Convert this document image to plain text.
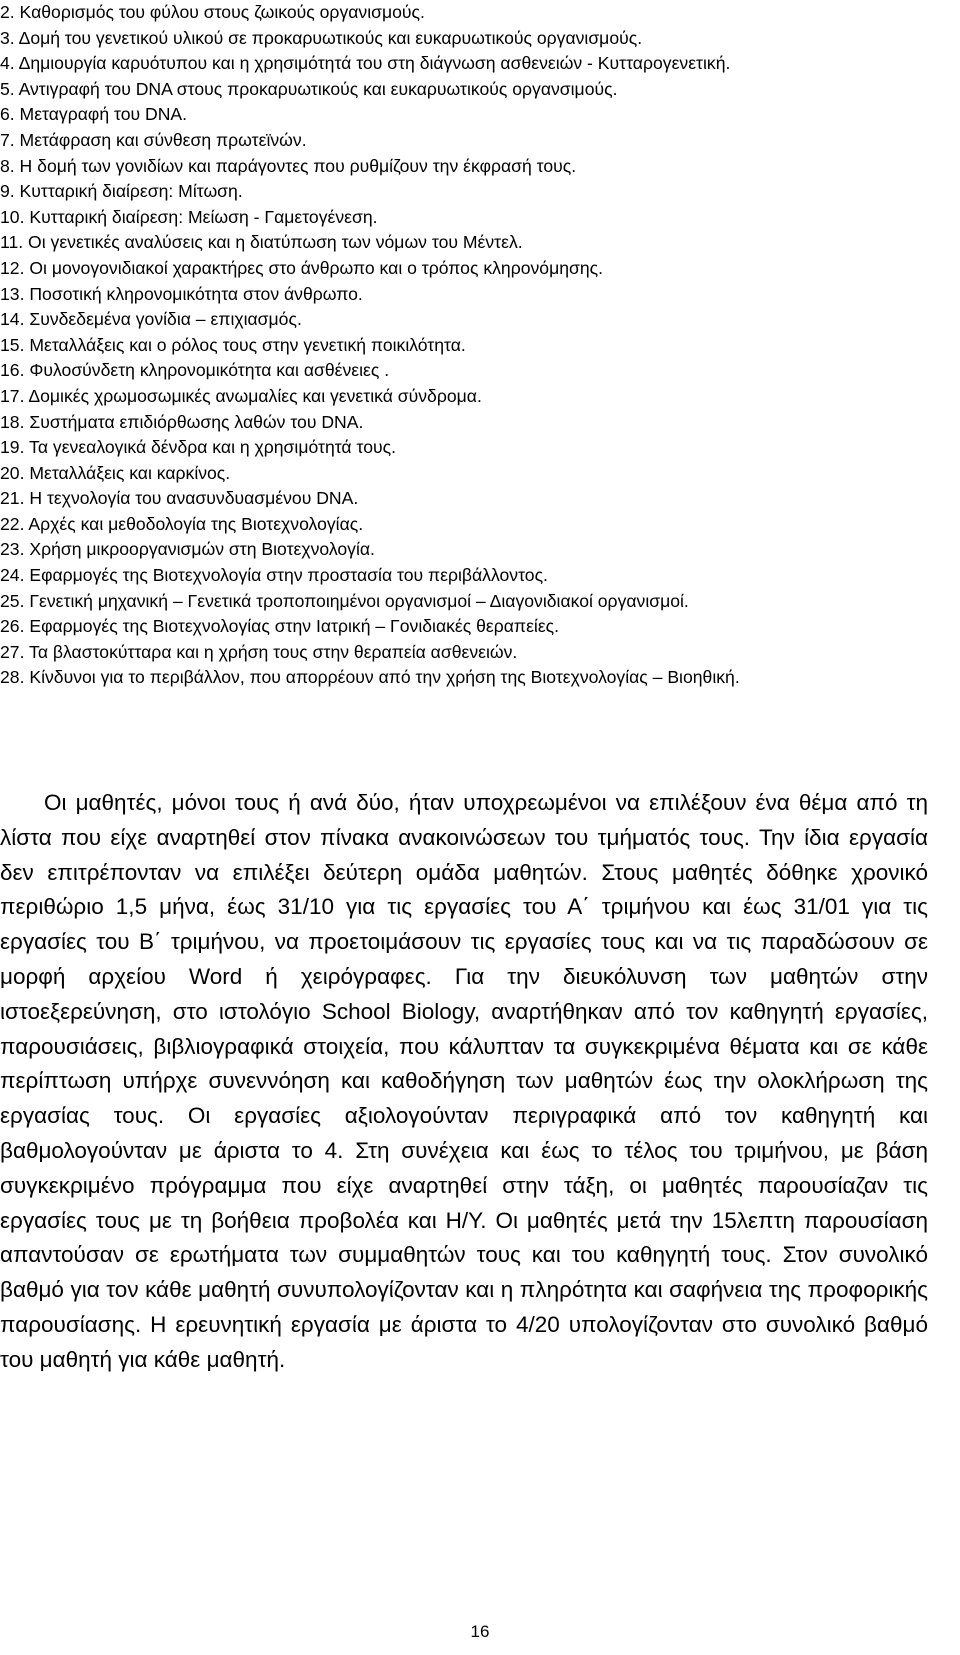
2. Καθορισμός του φύλου στους ζωικούς οργανισμούς.
3. Δομή του γενετικού υλικού σε προκαρυωτικούς και ευκαρυωτικούς οργανισμούς.
4. Δημιουργία καρυότυπου και η χρησιμότητά του στη διάγνωση ασθενειών - Κυτταρογενετική.
5. Αντιγραφή του DNA στους προκαρυωτικούς και ευκαρυωτικούς οργανσιμούς.
6. Μεταγραφή του DNA.
7. Μετάφραση και σύνθεση πρωτεϊνών.
8. Η δομή των γονιδίων και παράγοντες που ρυθμίζουν την έκφρασή τους.
9. Κυτταρική διαίρεση: Μίτωση.
10. Κυτταρική διαίρεση: Μείωση - Γαμετογένεση.
11. Οι γενετικές αναλύσεις και η διατύπωση των νόμων του Μέντελ.
12. Οι μονογονιδιακοί χαρακτήρες στο άνθρωπο και ο τρόπος κληρονόμησης.
13. Ποσοτική κληρονομικότητα στον άνθρωπο.
14. Συνδεδεμένα γονίδια – επιχιασμός.
15. Μεταλλάξεις και ο ρόλος τους στην γενετική ποικιλότητα.
16. Φυλοσύνδετη κληρονομικότητα και ασθένειες .
17. Δομικές χρωμοσωμικές ανωμαλίες και γενετικά σύνδρομα.
18. Συστήματα επιδιόρθωσης λαθών του DNA.
19. Τα γενεαλογικά δένδρα και η χρησιμότητά τους.
20. Μεταλλάξεις και καρκίνος.
21. Η τεχνολογία του ανασυνδυασμένου DNA.
22. Αρχές και μεθοδολογία της Βιοτεχνολογίας.
23. Χρήση μικροοργανισμών στη Βιοτεχνολογία.
24. Εφαρμογές της Βιοτεχνολογία στην προστασία του περιβάλλοντος.
25. Γενετική μηχανική – Γενετικά τροποποιημένοι οργανισμοί – Διαγονιδιακοί οργανισμοί.
26. Εφαρμογές της Βιοτεχνολογίας στην Ιατρική – Γονιδιακές θεραπείες.
27. Τα βλαστοκύτταρα και η χρήση τους στην θεραπεία ασθενειών.
28. Κίνδυνοι για το περιβάλλον, που απορρέουν από την χρήση της Βιοτεχνολογίας – Βιοηθική.

Οι μαθητές, μόνοι τους ή ανά δύο, ήταν υποχρεωμένοι να επιλέξουν ένα θέμα από τη λίστα που είχε αναρτηθεί στον πίνακα ανακοινώσεων του τμήματός τους. Την ίδια εργασία δεν επιτρέπονταν να επιλέξει δεύτερη ομάδα μαθητών. Στους μαθητές δόθηκε χρονικό περιθώριο 1,5 μήνα, έως 31/10 για τις εργασίες του Α΄ τριμήνου και έως 31/01 για τις εργασίες του Β΄ τριμήνου, να προετοιμάσουν τις εργασίες τους και να τις παραδώσουν σε μορφή αρχείου Word ή χειρόγραφες. Για την διευκόλυνση των μαθητών στην ιστοεξερεύνηση, στο ιστολόγιο School Biology, αναρτήθηκαν από τον καθηγητή εργασίες, παρουσιάσεις, βιβλιογραφικά στοιχεία, που κάλυπταν τα συγκεκριμένα θέματα και σε κάθε περίπτωση υπήρχε συνεννόηση και καθοδήγηση των μαθητών έως την ολοκλήρωση της εργασίας τους. Οι εργασίες αξιολογούνταν περιγραφικά από τον καθηγητή και βαθμολογούνταν με άριστα το 4. Στη συνέχεια και έως το τέλος του τριμήνου, με βάση συγκεκριμένο πρόγραμμα που είχε αναρτηθεί στην τάξη, οι μαθητές παρουσίαζαν τις εργασίες τους με τη βοήθεια προβολέα και Η/Υ. Οι μαθητές μετά την 15λεπτη παρουσίαση απαντούσαν σε ερωτήματα των συμμαθητών τους και του καθηγητή τους. Στον συνολικό βαθμό για τον κάθε μαθητή συνυπολογίζονταν και η πληρότητα και σαφήνεια της προφορικής παρουσίασης. Η ερευνητική εργασία με άριστα το 4/20 υπολογίζονταν στο συνολικό βαθμό του μαθητή για κάθε μαθητή.

16
